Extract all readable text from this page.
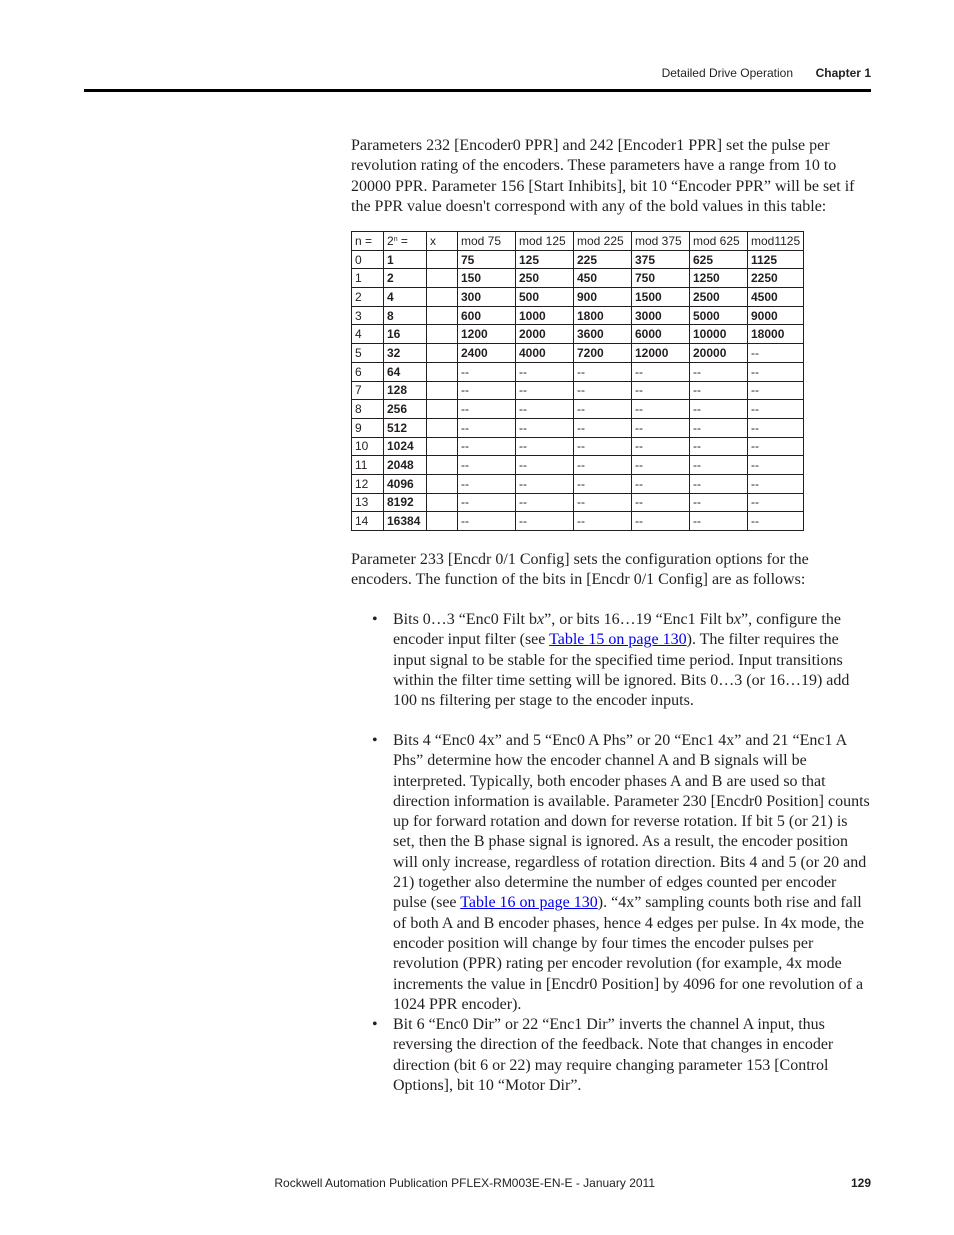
Detailed Drive Operation Chapter 1

Parameters 232 [Encoder0 PPR] and 242 [Encoder1 PPR] set the pulse per revolution rating of the encoders. These parameters have a range from 10 to 20000 PPR. Parameter 156 [Start Inhibits], bit 10 “Encoder PPR” will be set if the PPR value doesn't correspond with any of the bold values in this table:

n =	$2^n$ =	x	mod 75	mod 125	mod 225	mod 375	mod 625	mod1125
0	1		75	125	225	375	625	1125
1	2		150	250	450	750	1250	2250
2	4		300	500	900	1500	2500	4500
3	8		600	1000	1800	3000	5000	9000
4	16		1200	2000	3600	6000	10000	18000
5	32		2400	4000	7200	12000	20000	--
6	64		--	--	--	--	--	--
7	128		--	--	--	--	--	--
8	256		--	--	--	--	--	--
9	512		--	--	--	--	--	--
10	1024		--	--	--	--	--	--
11	2048		--	--	--	--	--	--
12	4096		--	--	--	--	--	--
13	8192		--	--	--	--	--	--
14	16384		--	--	--	--	--	--

Parameter 233 [Encdr 0/1 Config] sets the configuration options for the encoders. The function of the bits in [Encdr 0/1 Config] are as follows:

• Bits 0…3 “Enc0 Filt bx”, or bits 16…19 “Enc1 Filt bx”, configure the encoder input filter (see Table 15 on page 130). The filter requires the input signal to be stable for the specified time period. Input transitions within the filter time setting will be ignored. Bits 0…3 (or 16…19) add 100 ns filtering per stage to the encoder inputs.
• Bits 4 “Enc0 4x” and 5 “Enc0 A Phs” or 20 “Enc1 4x” and 21 “Enc1 A Phs” determine how the encoder channel A and B signals will be interpreted. Typically, both encoder phases A and B are used so that direction information is available. Parameter 230 [Encdr0 Position] counts up for forward rotation and down for reverse rotation. If bit 5 (or 21) is set, then the B phase signal is ignored. As a result, the encoder position will only increase, regardless of rotation direction. Bits 4 and 5 (or 20 and 21) together also determine the number of edges counted per encoder pulse (see Table 16 on page 130). “4x” sampling counts both rise and fall of both A and B encoder phases, hence 4 edges per pulse. In 4x mode, the encoder position will change by four times the encoder pulses per revolution (PPR) rating per encoder revolution (for example, 4x mode increments the value in [Encdr0 Position] by 4096 for one revolution of a 1024 PPR encoder).
• Bit 6 “Enc0 Dir” or 22 “Enc1 Dir” inverts the channel A input, thus reversing the direction of the feedback. Note that changes in encoder direction (bit 6 or 22) may require changing parameter 153 [Control Options], bit 10 “Motor Dir”.
Rockwell Automation Publication PFLEX-RM003E-EN-E - January 2011	129
